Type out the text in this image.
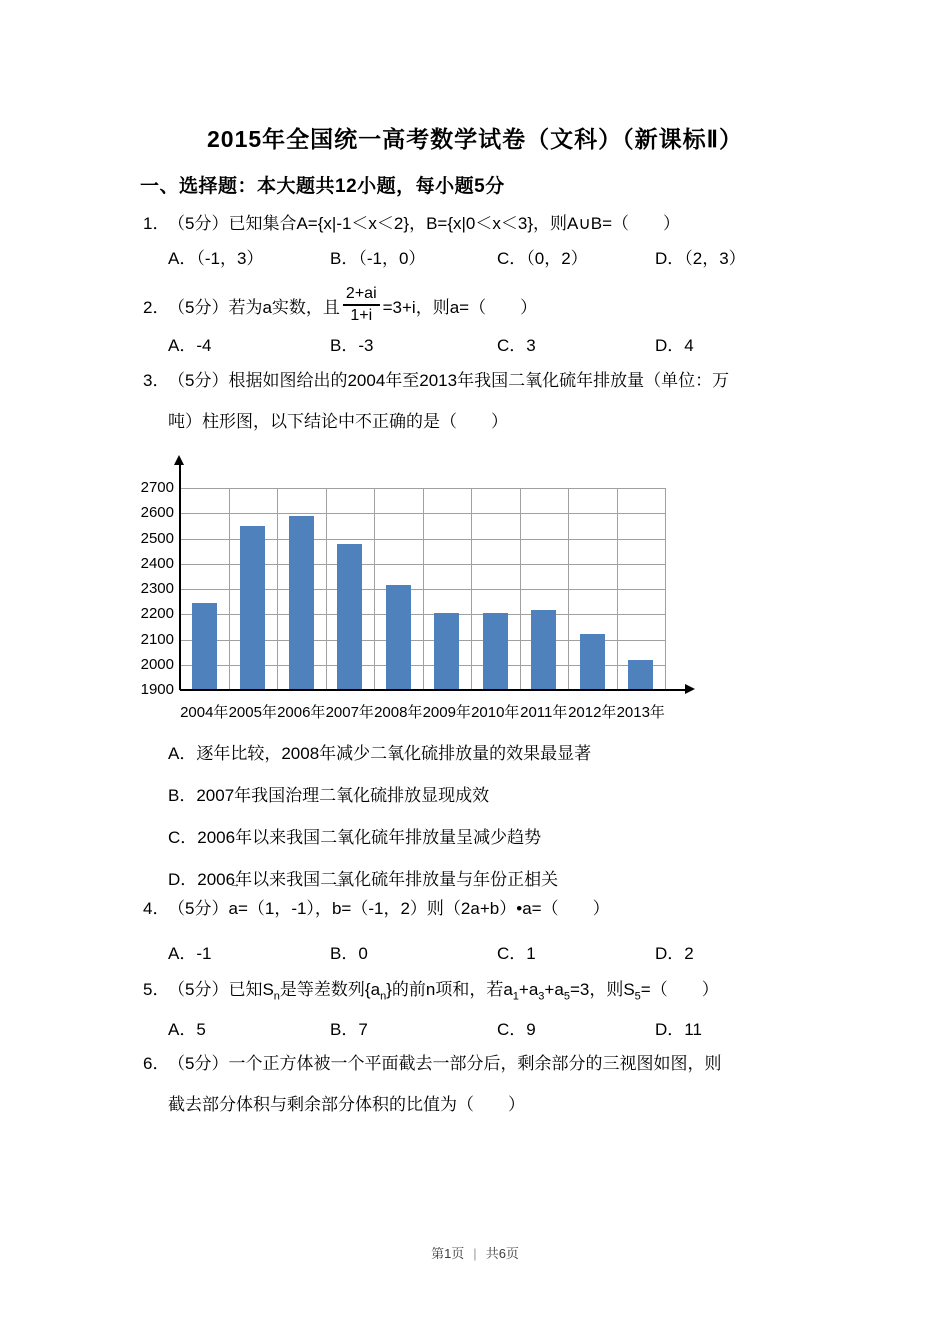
2015年全国统一高考数学试卷（文科）（新课标Ⅱ）
一、选择题：本大题共12小题，每小题5分
1．（5分）已知集合A={x|-1＜x＜2}，B={x|0＜x＜3}，则A∪B=（　　）
A．（-1，3）	B．（-1，0）	C．（0，2）	D．（2，3）
2．
（5分）若为a实数，且 $\frac{2+ai}{1+i} =3+i$，则a=（　　）
A．-4	B．-3	C．3	D．4
3．（5分）根据如图给出的2004年至2013年我国二氧化硫年排放量（单位：万
吨）柱形图，以下结论中不正确的是（　　）
1900
2000
2100
2200
2300
2400
2500
2600
2700
2004年 2005年 2006年 2007年 2008年 2009年 2010年 2011年 2012年 2013年
A．逐年比较，2008年减少二氧化硫排放量的效果最显著
B．2007年我国治理二氧化硫排放显现成效
C．2006年以来我国二氧化硫年排放量呈减少趋势
D．2006年以来我国二氧化硫年排放量与年份正相关
4．（5分）→ a=（1，-1），→ b=（-1，2）则（2→ a+→ b）•→ a=（　　）
A．-1	B．0	C．1	D．2
5．（5分）已知$S_n$是等差数列$\{a_n\}$的前n项和，若$a_1+a_3+a_5=3$，则$S_5=$（　　）
A．5	B．7	C．9	D．11
6．（5分）一个正方体被一个平面截去一部分后，剩余部分的三视图如图，则
截去部分体积与剩余部分体积的比值为（　　）
第1页 | 共6页
